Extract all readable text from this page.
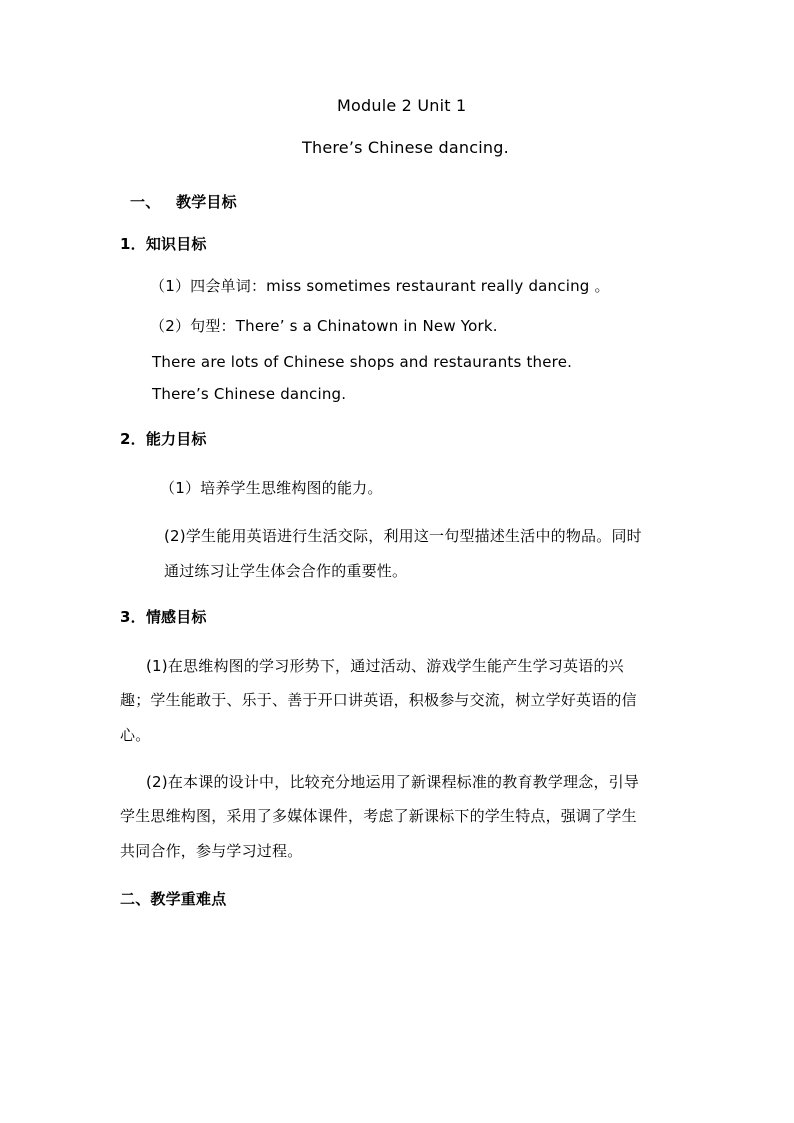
Module 2 Unit 1
There’s Chinese dancing.
一、 教学目标
1．知识目标
（1）四会单词：miss sometimes restaurant really dancing 。
（2）句型：There’ s a Chinatown in New York.
There are lots of Chinese shops and restaurants there.
There’s Chinese dancing.
2．能力目标
（1）培养学生思维构图的能力。
(2)学生能用英语进行生活交际，利用这一句型描述生活中的物品。同时
通过练习让学生体会合作的重要性。
3．情感目标
(1)在思维构图的学习形势下，通过活动、游戏学生能产生学习英语的兴
趣；学生能敢于、乐于、善于开口讲英语，积极参与交流，树立学好英语的信
心。
(2)在本课的设计中，比较充分地运用了新课程标准的教育教学理念，引导
学生思维构图，采用了多媒体课件，考虑了新课标下的学生特点，强调了学生
共同合作，参与学习过程。
二、教学重难点
